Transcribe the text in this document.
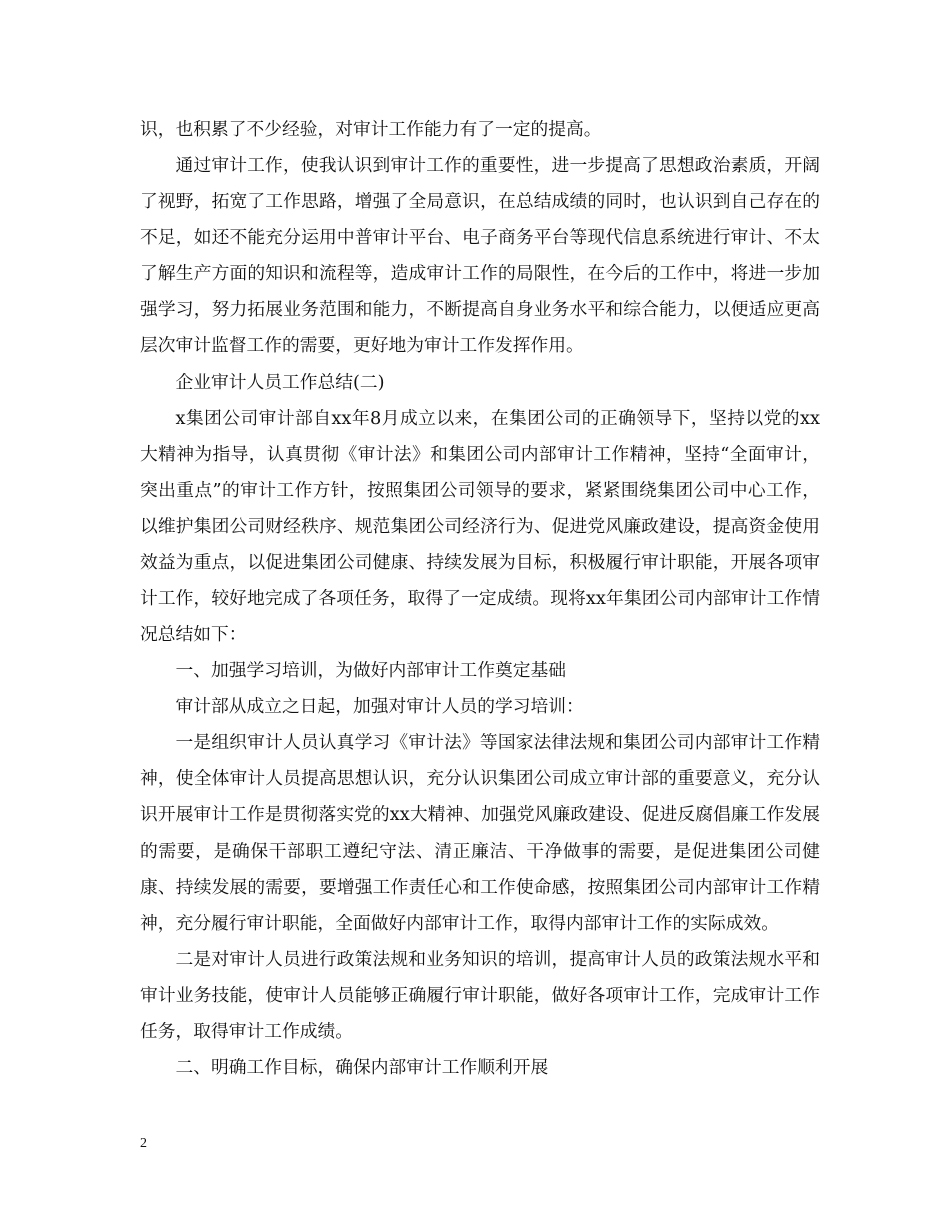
识，也积累了不少经验，对审计工作能力有了一定的提高。

通过审计工作，使我认识到审计工作的重要性，进一步提高了思想政治素质，开阔了视野，拓宽了工作思路，增强了全局意识，在总结成绩的同时，也认识到自己存在的不足，如还不能充分运用中普审计平台、电子商务平台等现代信息系统进行审计、不太了解生产方面的知识和流程等，造成审计工作的局限性，在今后的工作中，将进一步加强学习，努力拓展业务范围和能力，不断提高自身业务水平和综合能力，以便适应更高层次审计监督工作的需要，更好地为审计工作发挥作用。

企业审计人员工作总结(二)

x集团公司审计部自xx年8月成立以来，在集团公司的正确领导下，坚持以党的xx大精神为指导，认真贯彻《审计法》和集团公司内部审计工作精神，坚持“全面审计，突出重点”的审计工作方针，按照集团公司领导的要求，紧紧围绕集团公司中心工作，以维护集团公司财经秩序、规范集团公司经济行为、促进党风廉政建设，提高资金使用效益为重点，以促进集团公司健康、持续发展为目标，积极履行审计职能，开展各项审计工作，较好地完成了各项任务，取得了一定成绩。现将xx年集团公司内部审计工作情况总结如下：

一、加强学习培训，为做好内部审计工作奠定基础

审计部从成立之日起，加强对审计人员的学习培训：

一是组织审计人员认真学习《审计法》等国家法律法规和集团公司内部审计工作精神，使全体审计人员提高思想认识，充分认识集团公司成立审计部的重要意义，充分认识开展审计工作是贯彻落实党的xx大精神、加强党风廉政建设、促进反腐倡廉工作发展的需要，是确保干部职工遵纪守法、清正廉洁、干净做事的需要，是促进集团公司健康、持续发展的需要，要增强工作责任心和工作使命感，按照集团公司内部审计工作精神，充分履行审计职能，全面做好内部审计工作，取得内部审计工作的实际成效。

二是对审计人员进行政策法规和业务知识的培训，提高审计人员的政策法规水平和审计业务技能，使审计人员能够正确履行审计职能，做好各项审计工作，完成审计工作任务，取得审计工作成绩。

二、明确工作目标，确保内部审计工作顺利开展

2
